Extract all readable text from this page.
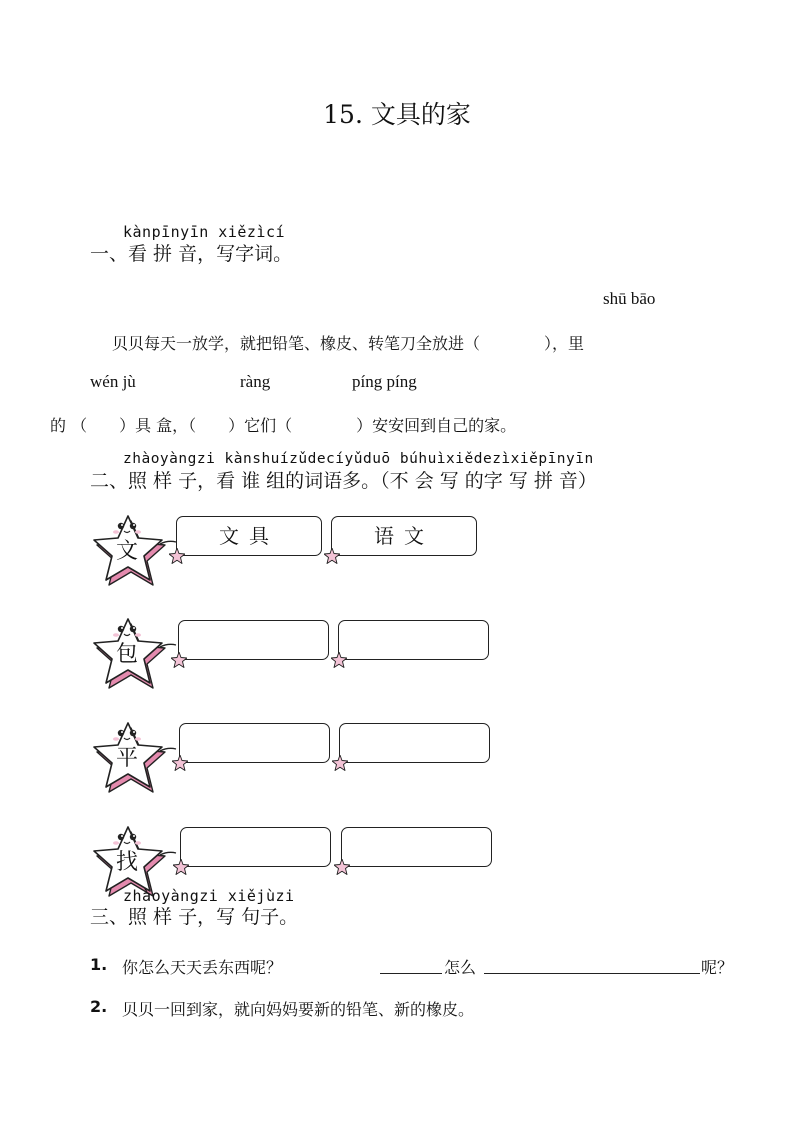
15. 文具的家
kànpīnyīn xiězìcí
一、看 拼 音，写字词。
shū bāo
贝贝每天一放学，就把铅笔、橡皮、转笔刀全放进（　　　　），里
wén jù	ràng	píng píng
的 （　　）具 盒，（　　）它们（　　　　）安安回到自己的家。
zhàoyàngzi kànshuízǔdecíyǔduō búhuìxiědezìxiěpīnyīn
二、照 样 子，看 谁 组的词语多。（不 会 写 的字 写 拼 音）
文
文具	语文
包
平
找
zhàoyàngzi xiějùzi
三、照 样 子，写 句子。
1. 你怎么天天丢东西呢？	怎么	呢？
2. 贝贝一回到家，就向妈妈要新的铅笔、新的橡皮。
